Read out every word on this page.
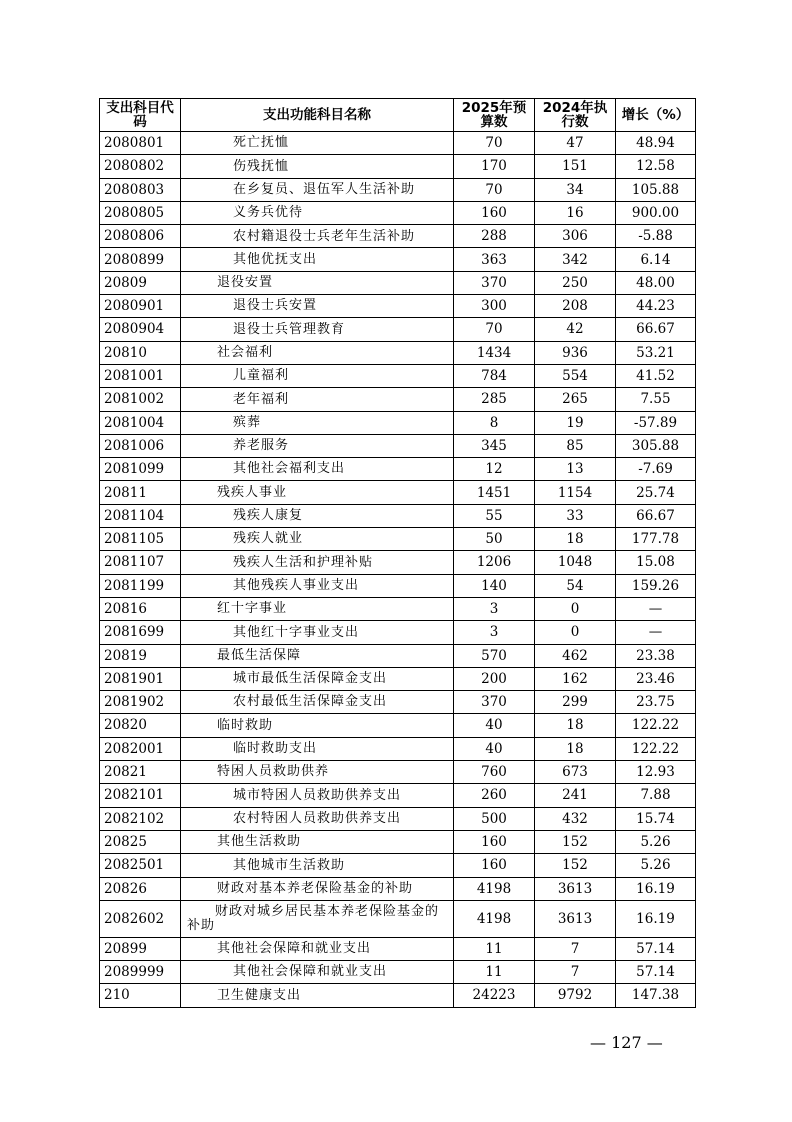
支出科目代码	支出功能科目名称	2025年预算数	2024年执行数	增长（%）
2080801	死亡抚恤	70	47	48.94
2080802	伤残抚恤	170	151	12.58
2080803	在乡复员、退伍军人生活补助	70	34	105.88
2080805	义务兵优待	160	16	900.00
2080806	农村籍退役士兵老年生活补助	288	306	-5.88
2080899	其他优抚支出	363	342	6.14
20809	退役安置	370	250	48.00
2080901	退役士兵安置	300	208	44.23
2080904	退役士兵管理教育	70	42	66.67
20810	社会福利	1434	936	53.21
2081001	儿童福利	784	554	41.52
2081002	老年福利	285	265	7.55
2081004	殡葬	8	19	-57.89
2081006	养老服务	345	85	305.88
2081099	其他社会福利支出	12	13	-7.69
20811	残疾人事业	1451	1154	25.74
2081104	残疾人康复	55	33	66.67
2081105	残疾人就业	50	18	177.78
2081107	残疾人生活和护理补贴	1206	1048	15.08
2081199	其他残疾人事业支出	140	54	159.26
20816	红十字事业	3	0	—
2081699	其他红十字事业支出	3	0	—
20819	最低生活保障	570	462	23.38
2081901	城市最低生活保障金支出	200	162	23.46
2081902	农村最低生活保障金支出	370	299	23.75
20820	临时救助	40	18	122.22
2082001	临时救助支出	40	18	122.22
20821	特困人员救助供养	760	673	12.93
2082101	城市特困人员救助供养支出	260	241	7.88
2082102	农村特困人员救助供养支出	500	432	15.74
20825	其他生活救助	160	152	5.26
2082501	其他城市生活救助	160	152	5.26
20826	财政对基本养老保险基金的补助	4198	3613	16.19
2082602	　　财政对城乡居民基本养老保险基金的补助	4198	3613	16.19
20899	其他社会保障和就业支出	11	7	57.14
2089999	其他社会保障和就业支出	11	7	57.14
210	卫生健康支出	24223	9792	147.38
— 127 —
